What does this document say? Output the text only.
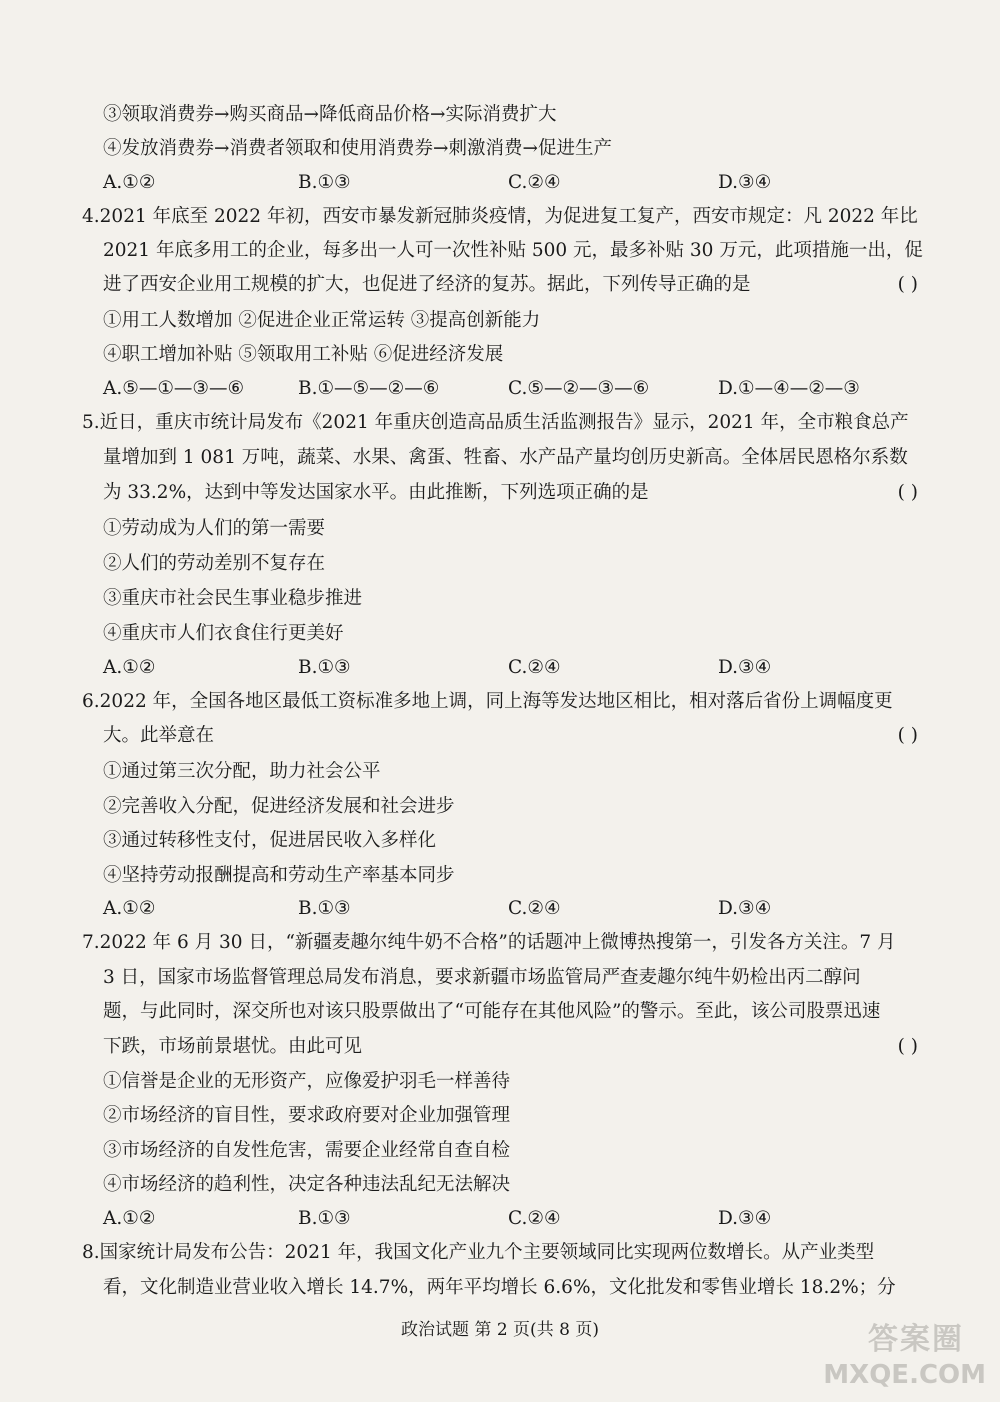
③领取消费券→购买商品→降低商品价格→实际消费扩大
④发放消费券→消费者领取和使用消费券→刺激消费→促进生产
A.①②	B.①③	C.②④	D.③④
4.2021 年底至 2022 年初，西安市暴发新冠肺炎疫情，为促进复工复产，西安市规定：凡 2022 年比
2021 年底多用工的企业，每多出一人可一次性补贴 500 元，最多补贴 30 万元，此项措施一出，促
进了西安企业用工规模的扩大，也促进了经济的复苏。据此，下列传导正确的是	( )
①用工人数增加 ②促进企业正常运转 ③提高创新能力
④职工增加补贴 ⑤领取用工补贴 ⑥促进经济发展
A.⑤—①—③—⑥	B.①—⑤—②—⑥	C.⑤—②—③—⑥	D.①—④—②—③
5.近日，重庆市统计局发布《2021 年重庆创造高品质生活监测报告》显示，2021 年，全市粮食总产
量增加到 1 081 万吨，蔬菜、水果、禽蛋、牲畜、水产品产量均创历史新高。全体居民恩格尔系数
为 33.2%，达到中等发达国家水平。由此推断，下列选项正确的是	( )
①劳动成为人们的第一需要
②人们的劳动差别不复存在
③重庆市社会民生事业稳步推进
④重庆市人们衣食住行更美好
A.①②	B.①③	C.②④	D.③④
6.2022 年，全国各地区最低工资标准多地上调，同上海等发达地区相比，相对落后省份上调幅度更
大。此举意在	( )
①通过第三次分配，助力社会公平
②完善收入分配，促进经济发展和社会进步
③通过转移性支付，促进居民收入多样化
④坚持劳动报酬提高和劳动生产率基本同步
A.①②	B.①③	C.②④	D.③④
7.2022 年 6 月 30 日，“新疆麦趣尔纯牛奶不合格”的话题冲上微博热搜第一，引发各方关注。7 月
3 日，国家市场监督管理总局发布消息，要求新疆市场监管局严查麦趣尔纯牛奶检出丙二醇问
题，与此同时，深交所也对该只股票做出了“可能存在其他风险”的警示。至此，该公司股票迅速
下跌，市场前景堪忧。由此可见	( )
①信誉是企业的无形资产，应像爱护羽毛一样善待
②市场经济的盲目性，要求政府要对企业加强管理
③市场经济的自发性危害，需要企业经常自查自检
④市场经济的趋利性，决定各种违法乱纪无法解决
A.①②	B.①③	C.②④	D.③④
8.国家统计局发布公告：2021 年，我国文化产业九个主要领域同比实现两位数增长。从产业类型
看，文化制造业营业收入增长 14.7%，两年平均增长 6.6%，文化批发和零售业增长 18.2%；分
政治试题 第 2 页(共 8 页)	答案圈
MXQE.COM
